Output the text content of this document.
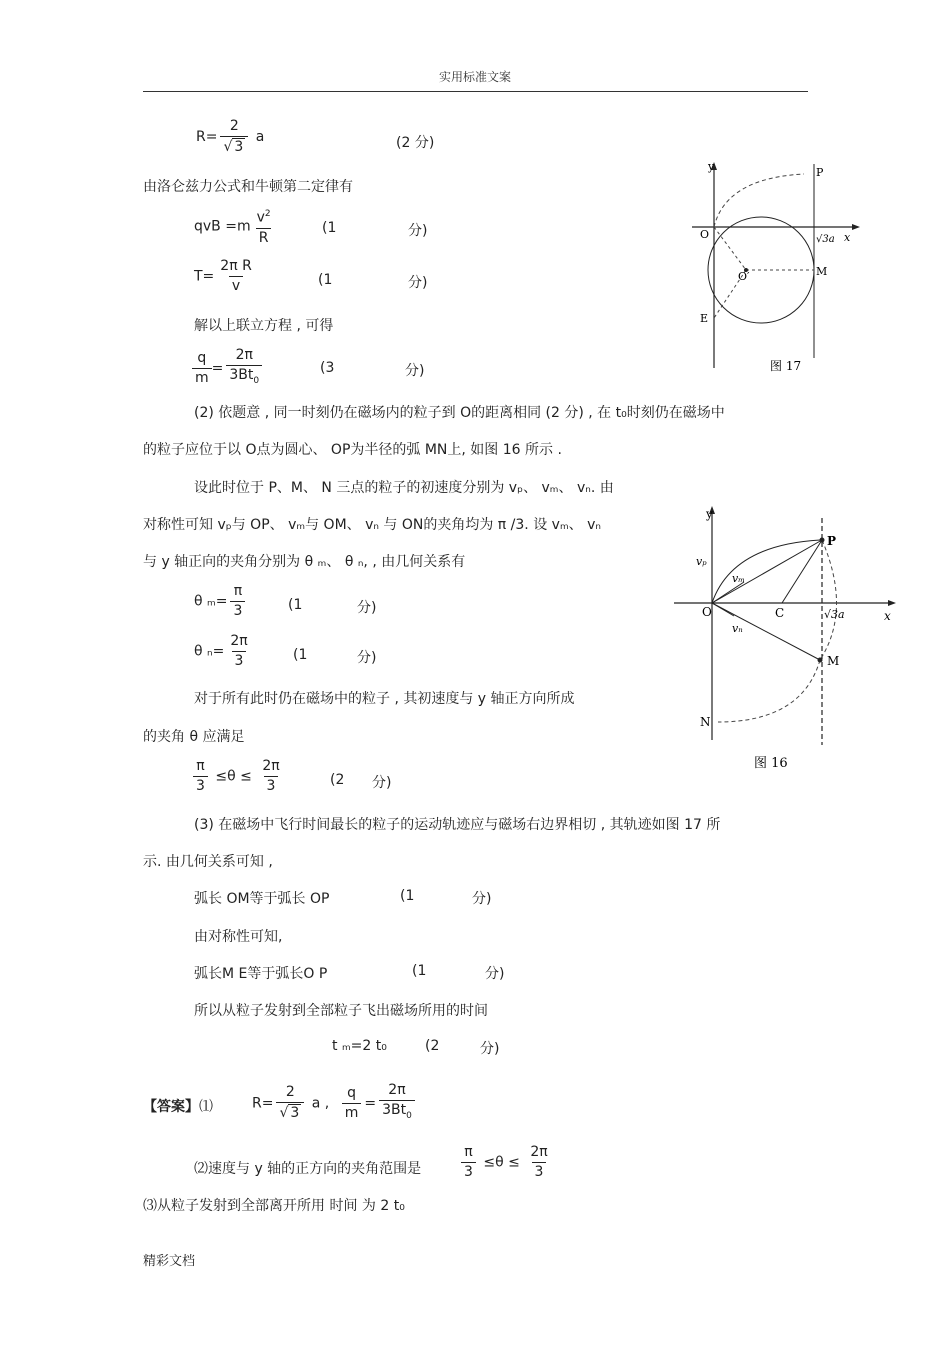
实用标准文案
$R= \frac{2}{√ 3}$ a	(2 分)
由洛仑兹力公式和牛顿第二定律有
qvB $=m \frac{v^2}{R}$	(1	分)
$T= \frac{\text{2π R}}{v}$	(1	分)
解以上联立方程 , 可得
$\frac{q}{m} = \frac{2\pi}{3Bt_0}$	(3	分)
(2) 依题意 , 同一时刻仍在磁场内的粒子到 O的距离相同 (2 分) , 在 t₀时刻仍在磁场中
的粒子应位于以 O点为圆心、 OP为半径的弧 MN上, 如图 16 所示 .
设此时位于 P、M、 N 三点的粒子的初速度分别为 vₚ、 vₘ、 vₙ. 由
对称性可知 vₚ与 OP、 vₘ与 OM、 vₙ 与 ON的夹角均为 π /3. 设 vₘ、 vₙ
与 y 轴正向的夹角分别为 θ ₘ、 θ ₙ, , 由几何关系有
θ $_m= \frac{\pi}{3}$	(1	分)
θ $_n= \frac{2\pi}{3}$	(1	分)
对于所有此时仍在磁场中的粒子 , 其初速度与 y 轴正方向所成
的夹角 θ 应满足
$\frac{\pi}{3} \le\theta \le \frac{2\pi}{3}$	(2 分)
(3) 在磁场中飞行时间最长的粒子的运动轨迹应与磁场右边界相切 , 其轨迹如图 17 所
示. 由几何关系可知 ,
弧长 OM等于弧长 OP	(1	分)
由对称性可知,
弧长M E等于弧长O P	(1	分)
所以从粒子发射到全部粒子飞出磁场所用的时间
t ₘ=2 t₀	(2	分)
【答案】⑴	$R= \frac{2}{√ 3}$ a , $\frac{q}{m} = \frac{2\pi}{3Bt_0}$
⑵速度与 y 轴的正方向的夹角范围是	$\frac{\pi}{3} \le\theta \le \frac{2\pi}{3}$
⑶从粒子发射到全部离开所用 时间 为 2 t₀
精彩文档
y
x
O
O′	M
P
E
√3a
图 17
y
x
O	C
P
M
N
vₚ
vₘ
vₙ
√3a
图 16
